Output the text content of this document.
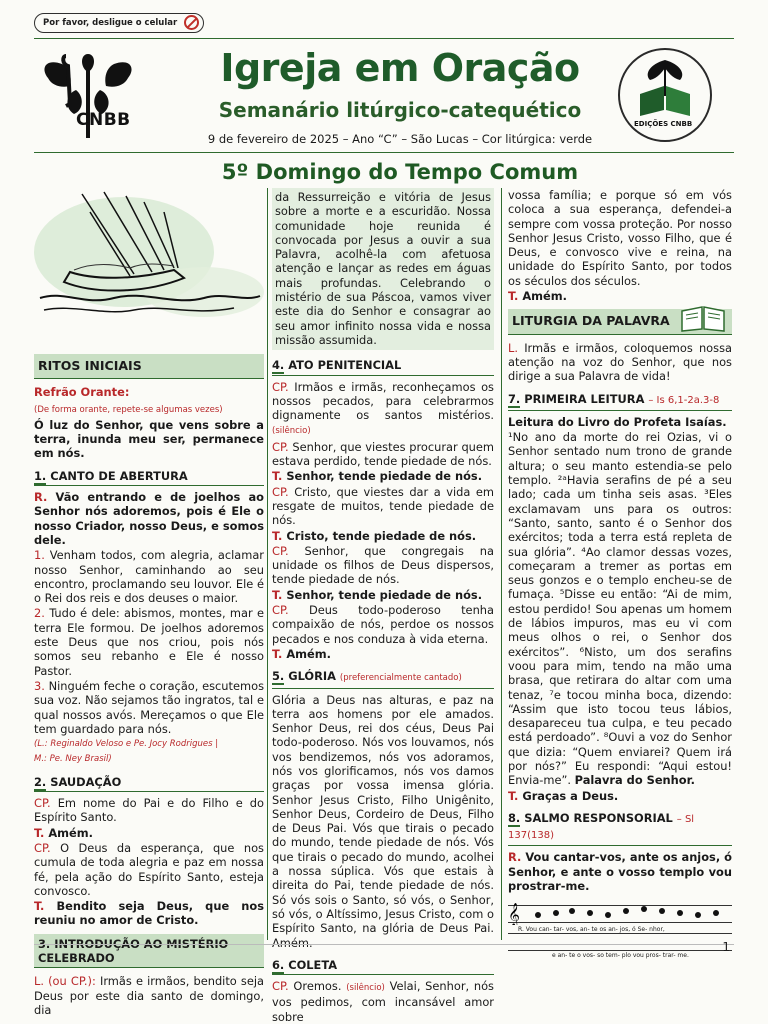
Por favor, desligue o celular
CNBB
Igreja em Oração
Semanário litúrgico-catequético
9 de fevereiro de 2025 – Ano “C” – São Lucas – Cor litúrgica: verde
EDIÇÕES CNBB
5º Domingo do Tempo Comum
RITOS INICIAIS

Refrão Orante:

(De forma orante, repete-se algumas vezes)

Ó luz do Senhor, que vens sobre a terra, inunda meu ser, permanece em nós.

1. CANTO DE ABERTURA

R. Vão entrando e de joelhos ao Senhor nós adoremos, pois é Ele o nosso Criador, nosso Deus, e somos dele.

1. Venham todos, com alegria, aclamar nosso Senhor, caminhando ao seu encontro, proclamando seu louvor. Ele é o Rei dos reis e dos deuses o maior.

2. Tudo é dele: abismos, montes, mar e terra Ele formou. De joelhos adoremos este Deus que nos criou, pois nós somos seu rebanho e Ele é nosso Pastor.

3. Ninguém feche o coração, escutemos sua voz. Não sejamos tão ingratos, tal e qual nossos avós. Mereçamos o que Ele tem guardado para nós.

(L.: Reginaldo Veloso e Pe. Jocy Rodrigues |

M.: Pe. Ney Brasil)

2. SAUDAÇÃO

CP. Em nome do Pai e do Filho e do Espírito Santo.

T. Amém.

CP. O Deus da esperança, que nos cumula de toda alegria e paz em nossa fé, pela ação do Espírito Santo, esteja convosco.

T. Bendito seja Deus, que nos reuniu no amor de Cristo.

3. INTRODUÇÃO AO MISTÉRIO CELEBRADO

L. (ou CP.): Irmãs e irmãos, bendito seja Deus por este dia santo de domingo, dia

da Ressurreição e vitória de Jesus sobre a morte e a escuridão. Nossa comunidade hoje reunida é convocada por Jesus a ouvir a sua Palavra, acolhê-la com afetuosa atenção e lançar as redes em águas mais profundas. Celebrando o mistério de sua Páscoa, vamos viver este dia do Senhor e consagrar ao seu amor infinito nossa vida e nossa missão assumida.

4. ATO PENITENCIAL

CP. Irmãos e irmãs, reconheçamos os nossos pecados, para celebrarmos dignamente os santos mistérios. (silêncio)

CP. Senhor, que viestes procurar quem estava perdido, tende piedade de nós.

T. Senhor, tende piedade de nós.

CP. Cristo, que viestes dar a vida em resgate de muitos, tende piedade de nós.

T. Cristo, tende piedade de nós.

CP. Senhor, que congregais na unidade os filhos de Deus dispersos, tende piedade de nós.

T. Senhor, tende piedade de nós.

CP. Deus todo-poderoso tenha compaixão de nós, perdoe os nossos pecados e nos conduza à vida eterna.

T. Amém.

5. GLÓRIA (preferencialmente cantado)

Glória a Deus nas alturas, e paz na terra aos homens por ele amados. Senhor Deus, rei dos céus, Deus Pai todo-poderoso. Nós vos louvamos, nós vos bendizemos, nós vos adoramos, nós vos glorificamos, nós vos damos graças por vossa imensa glória. Senhor Jesus Cristo, Filho Unigênito, Senhor Deus, Cordeiro de Deus, Filho de Deus Pai. Vós que tirais o pecado do mundo, tende piedade de nós. Vós que tirais o pecado do mundo, acolhei a nossa súplica. Vós que estais à direita do Pai, tende piedade de nós. Só vós sois o Santo, só vós, o Senhor, só vós, o Altíssimo, Jesus Cristo, com o Espírito Santo, na glória de Deus Pai. Amém.

6. COLETA

CP. Oremos. (silêncio) Velai, Senhor, nós vos pedimos, com incansável amor sobre

vossa família; e porque só em vós coloca a sua esperança, defendei-a sempre com vossa proteção. Por nosso Senhor Jesus Cristo, vosso Filho, que é Deus, e convosco vive e reina, na unidade do Espírito Santo, por todos os séculos dos séculos.

T. Amém.

LITURGIA DA PALAVRA

L. Irmãs e irmãos, coloquemos nossa atenção na voz do Senhor, que nos dirige a sua Palavra de vida!

7. PRIMEIRA LEITURA – Is 6,1-2a.3-8

Leitura do Livro do Profeta Isaías.

¹No ano da morte do rei Ozias, vi o Senhor sentado num trono de grande altura; o seu manto estendia-se pelo templo. ²ᵃHavia serafins de pé a seu lado; cada um tinha seis asas. ³Eles exclamavam uns para os outros: “Santo, santo, santo é o Senhor dos exércitos; toda a terra está repleta de sua glória”. ⁴Ao clamor dessas vozes, começaram a tremer as portas em seus gonzos e o templo encheu-se de fumaça. ⁵Disse eu então: “Ai de mim, estou perdido! Sou apenas um homem de lábios impuros, mas eu vi com meus olhos o rei, o Senhor dos exércitos”. ⁶Nisto, um dos serafins voou para mim, tendo na mão uma brasa, que retirara do altar com uma tenaz, ⁷e tocou minha boca, dizendo: “Assim que isto tocou teus lábios, desapareceu tua culpa, e teu pecado está perdoado”. ⁸Ouvi a voz do Senhor que dizia: “Quem enviarei? Quem irá por nós?” Eu respondi: “Aqui estou! Envia-me”. Palavra do Senhor.

T. Graças a Deus.

8. SALMO RESPONSORIAL – Sl 137(138)

R. Vou cantar-vos, ante os anjos, ó Senhor, e ante o vosso templo vou prostrar-me.

𝄞
R. Vou can- tar- vos, an- te os an- jos, ó Se- nhor,
e an- te o vos- so tem- plo vou pros- trar- me.
1
